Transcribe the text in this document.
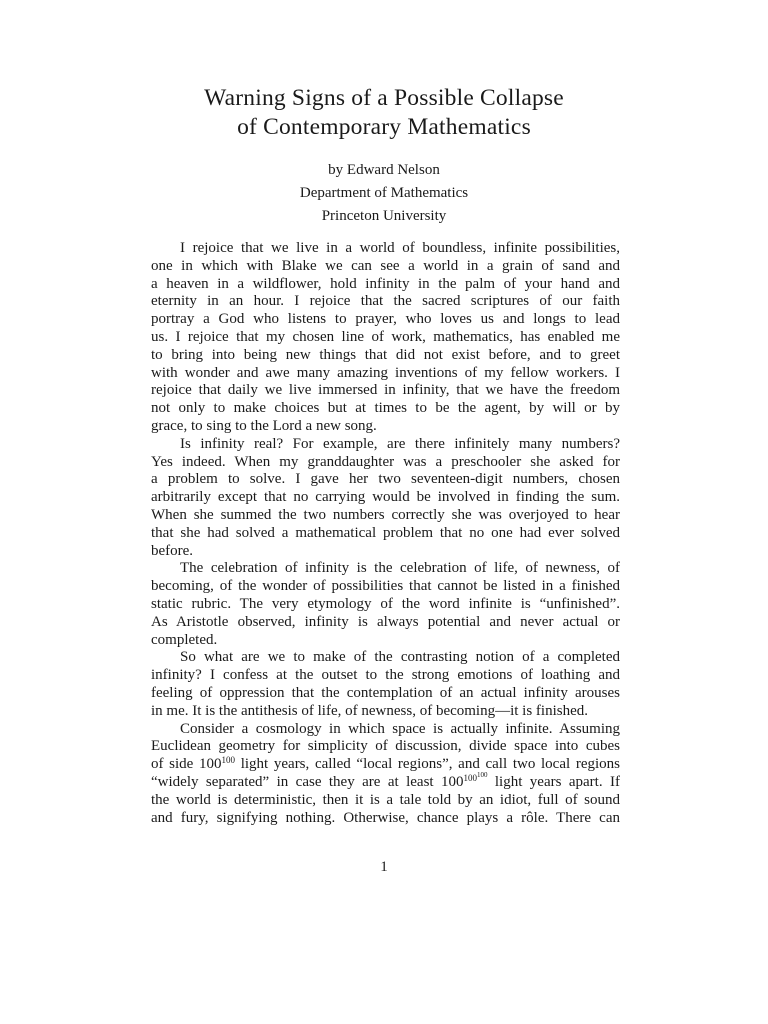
Warning Signs of a Possible Collapse
of Contemporary Mathematics
by Edward Nelson
Department of Mathematics
Princeton University

I rejoice that we live in a world of boundless, infinite possibilities,
one in which with Blake we can see a world in a grain of sand and
a heaven in a wildflower, hold infinity in the palm of your hand and
eternity in an hour. I rejoice that the sacred scriptures of our faith
portray a God who listens to prayer, who loves us and longs to lead
us. I rejoice that my chosen line of work, mathematics, has enabled me
to bring into being new things that did not exist before, and to greet
with wonder and awe many amazing inventions of my fellow workers. I
rejoice that daily we live immersed in infinity, that we have the freedom
not only to make choices but at times to be the agent, by will or by
grace, to sing to the Lord a new song.

Is infinity real? For example, are there infinitely many numbers?
Yes indeed. When my granddaughter was a preschooler she asked for
a problem to solve. I gave her two seventeen-digit numbers, chosen
arbitrarily except that no carrying would be involved in finding the sum.
When she summed the two numbers correctly she was overjoyed to hear
that she had solved a mathematical problem that no one had ever solved
before.

The celebration of infinity is the celebration of life, of newness, of
becoming, of the wonder of possibilities that cannot be listed in a finished
static rubric. The very etymology of the word infinite is “unfinished”.
As Aristotle observed, infinity is always potential and never actual or
completed.

So what are we to make of the contrasting notion of a completed
infinity? I confess at the outset to the strong emotions of loathing and
feeling of oppression that the contemplation of an actual infinity arouses
in me. It is the antithesis of life, of newness, of becoming—it is finished.

Consider a cosmology in which space is actually infinite. Assuming
Euclidean geometry for simplicity of discussion, divide space into cubes
of side $100^{100}$ light years, called “local regions”, and call two local regions
“widely separated” in case they are at least $100^{100^{100}}$ light years apart. If
the world is deterministic, then it is a tale told by an idiot, full of sound
and fury, signifying nothing. Otherwise, chance plays a rôle. There can

1
